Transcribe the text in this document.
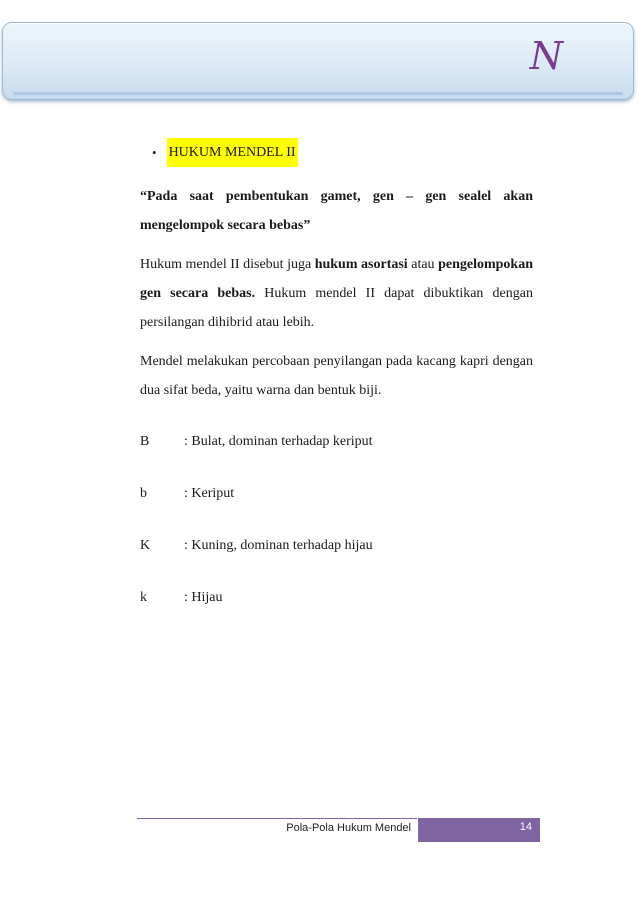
N
• HUKUM MENDEL II

“Pada saat pembentukan gamet, gen – gen sealel akan mengelompok secara bebas”

Hukum mendel II disebut juga hukum asortasi atau pengelompokan gen secara bebas. Hukum mendel II dapat dibuktikan dengan persilangan dihibrid atau lebih.

Mendel melakukan percobaan penyilangan pada kacang kapri dengan dua sifat beda, yaitu warna dan bentuk biji.

B	: Bulat, dominan terhadap keriput
b	: Keriput
K	: Kuning, dominan terhadap hijau
k	: Hijau
Pola-Pola Hukum Mendel	14
